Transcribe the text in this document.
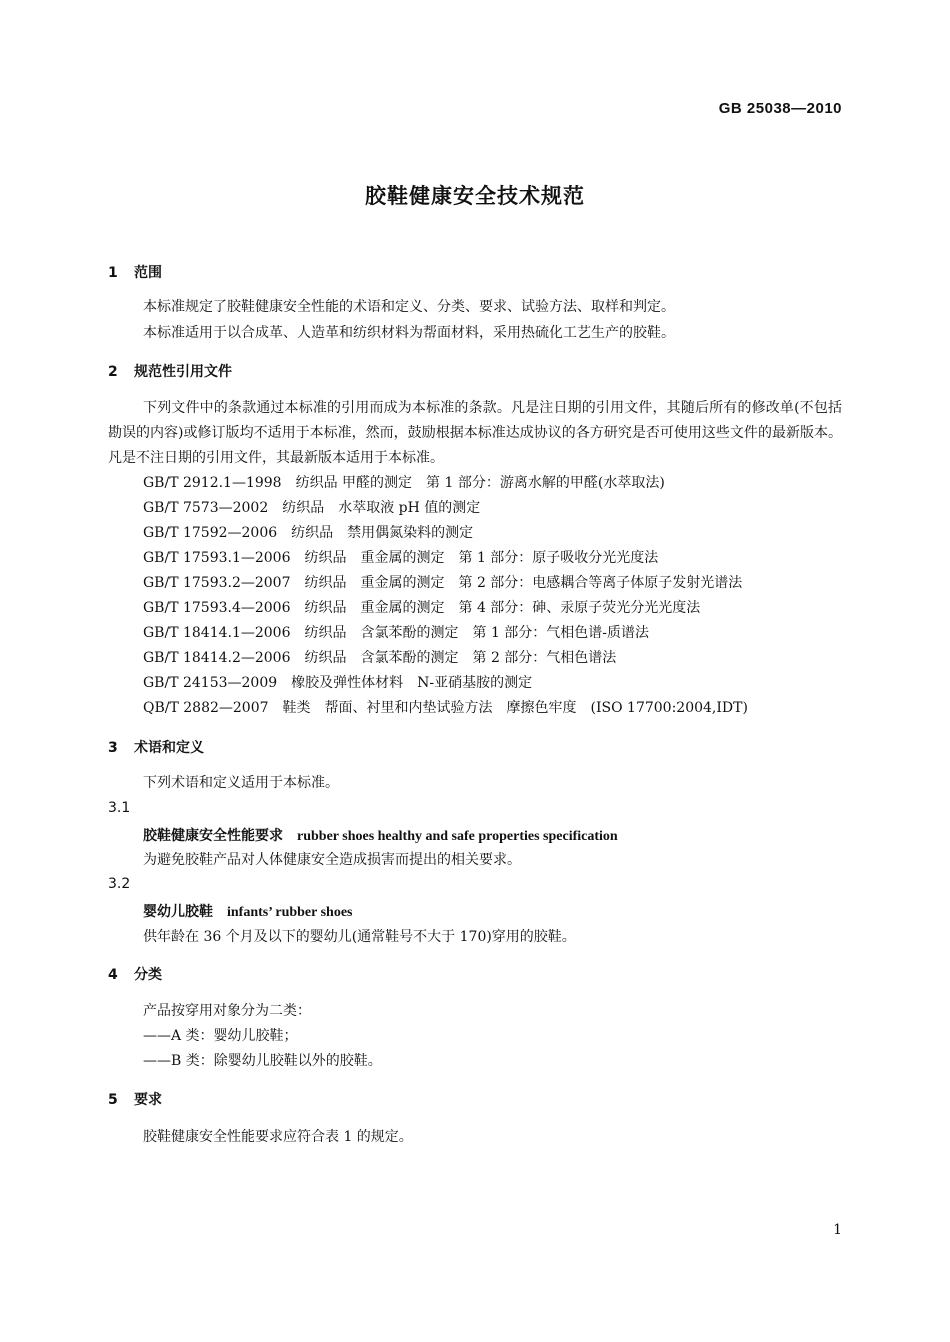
GB 25038—2010
胶鞋健康安全技术规范
1 范围
本标准规定了胶鞋健康安全性能的术语和定义、分类、要求、试验方法、取样和判定。
本标准适用于以合成革、人造革和纺织材料为帮面材料，采用热硫化工艺生产的胶鞋。
2 规范性引用文件
下列文件中的条款通过本标准的引用而成为本标准的条款。凡是注日期的引用文件，其随后所有的修改单(不包括勘误的内容)或修订版均不适用于本标准，然而，鼓励根据本标准达成协议的各方研究是否可使用这些文件的最新版本。凡是不注日期的引用文件，其最新版本适用于本标准。
GB/T 2912.1—1998 纺织品 甲醛的测定 第 1 部分：游离水解的甲醛(水萃取法)
GB/T 7573—2002 纺织品 水萃取液 pH 值的测定
GB/T 17592—2006 纺织品 禁用偶氮染料的测定
GB/T 17593.1—2006 纺织品 重金属的测定 第 1 部分：原子吸收分光光度法
GB/T 17593.2—2007 纺织品 重金属的测定 第 2 部分：电感耦合等离子体原子发射光谱法
GB/T 17593.4—2006 纺织品 重金属的测定 第 4 部分：砷、汞原子荧光分光光度法
GB/T 18414.1—2006 纺织品 含氯苯酚的测定 第 1 部分：气相色谱-质谱法
GB/T 18414.2—2006 纺织品 含氯苯酚的测定 第 2 部分：气相色谱法
GB/T 24153—2009 橡胶及弹性体材料 N-亚硝基胺的测定
QB/T 2882—2007 鞋类 帮面、衬里和内垫试验方法 摩擦色牢度 (ISO 17700:2004,IDT)
3 术语和定义
下列术语和定义适用于本标准。
3.1
胶鞋健康安全性能要求 rubber shoes healthy and safe properties specification
为避免胶鞋产品对人体健康安全造成损害而提出的相关要求。
3.2
婴幼儿胶鞋 infants’ rubber shoes
供年龄在 36 个月及以下的婴幼儿(通常鞋号不大于 170)穿用的胶鞋。
4 分类
产品按穿用对象分为二类：
——A 类：婴幼儿胶鞋；
——B 类：除婴幼儿胶鞋以外的胶鞋。
5 要求
胶鞋健康安全性能要求应符合表 1 的规定。
1
